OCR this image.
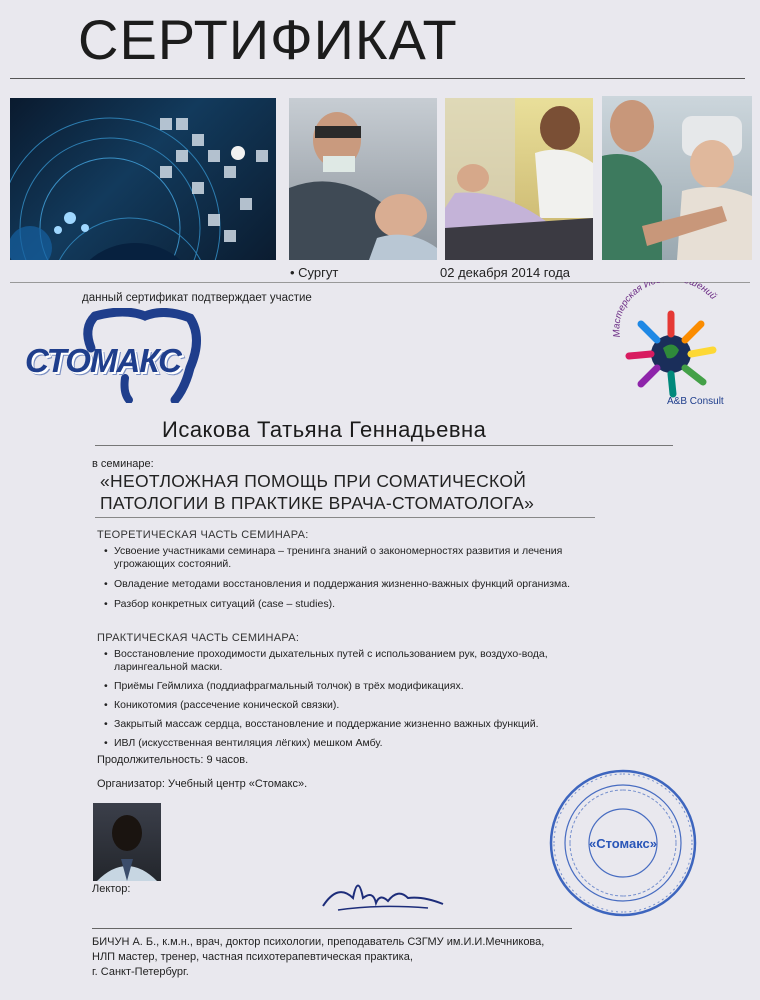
СЕРТИФИКАТ
• Сургут	02 декабря 2014 года
данный сертификат подтверждает участие
СТОМАКС
Мастерская И шений
A&B Consult
Исакова Татьяна Геннадьевна
в семинаре:
«НЕОТЛОЖНАЯ ПОМОЩЬ ПРИ СОМАТИЧЕСКОЙ
ПАТОЛОГИИ В ПРАКТИКЕ ВРАЧА-СТОМАТОЛОГА»
ТЕОРЕТИЧЕСКАЯ ЧАСТЬ СЕМИНАРА:
• Усвоение участниками семинара – тренинга знаний о закономерностях развития и лечения угрожающих состояний.
• Овладение методами восстановления и поддержания жизненно-важных функций организма.
• Разбор конкретных ситуаций (case – studies).
ПРАКТИЧЕСКАЯ ЧАСТЬ СЕМИНАРА:
• Восстановление проходимости дыхательных путей с использованием рук, воздухо-вода, ларингеальной маски.
• Приёмы Геймлиха (поддиафрагмальный толчок) в трёх модификациях.
• Коникотомия (рассечение конической связки).
• Закрытый массаж сердца, восстановление и поддержание жизненно важных функций.
• ИВЛ (искусственная вентиляция лёгких) мешком Амбу.
Продолжительность: 9 часов.
Организатор: Учебный центр «Стомакс».
Лектор:
«Стомакс»
БИЧУН А. Б., к.м.н., врач, доктор психологии, преподаватель СЗГМУ им.И.И.Мечникова,
НЛП мастер, тренер, частная психотерапевтическая практика,
г. Санкт-Петербург.
